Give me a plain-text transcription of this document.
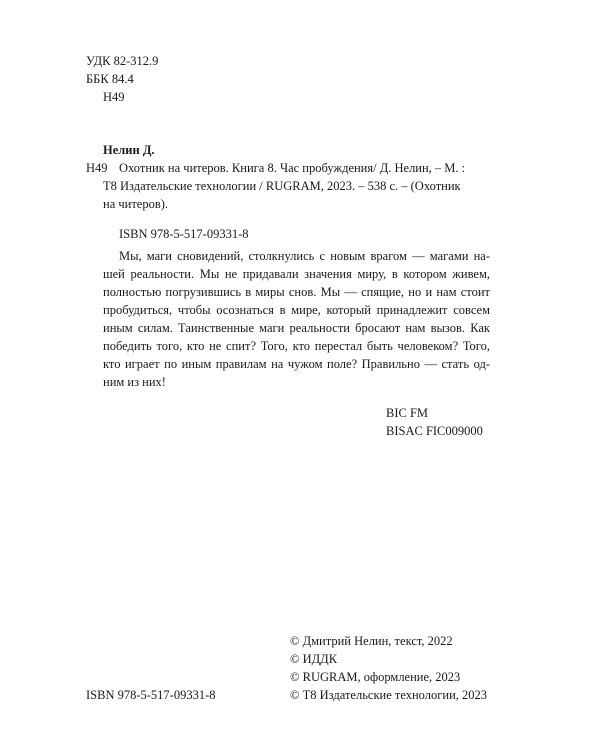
УДК 82-312.9
ББК 84.4
Н49
Нелин Д.
Н49 Охотник на читеров. Книга 8. Час пробуждения/ Д. Нелин, – М. :
Т8 Издательские технологии / RUGRAM, 2023. – 538 с. – (Охотник
на читеров).
ISBN 978-5-517-09331-8
Мы, маги сновидений, столкнулись с новым врагом — магами на-
шей реальности. Мы не придавали значения миру, в котором живем,
полностью погрузившись в миры снов. Мы — спящие, но и нам стоит
пробудиться, чтобы осознаться в мире, который принадлежит совсем
иным силам. Таинственные маги реальности бросают нам вызов. Как
победить того, кто не спит? Того, кто перестал быть человеком? Того,
кто играет по иным правилам на чужом поле? Правильно — стать од-
ним из них!
BIC FM
BISAC FIC009000
ISBN 978-5-517-09331-8
© Дмитрий Нелин, текст, 2022
© ИДДК
© RUGRAM, оформление, 2023
© Т8 Издательские технологии, 2023
